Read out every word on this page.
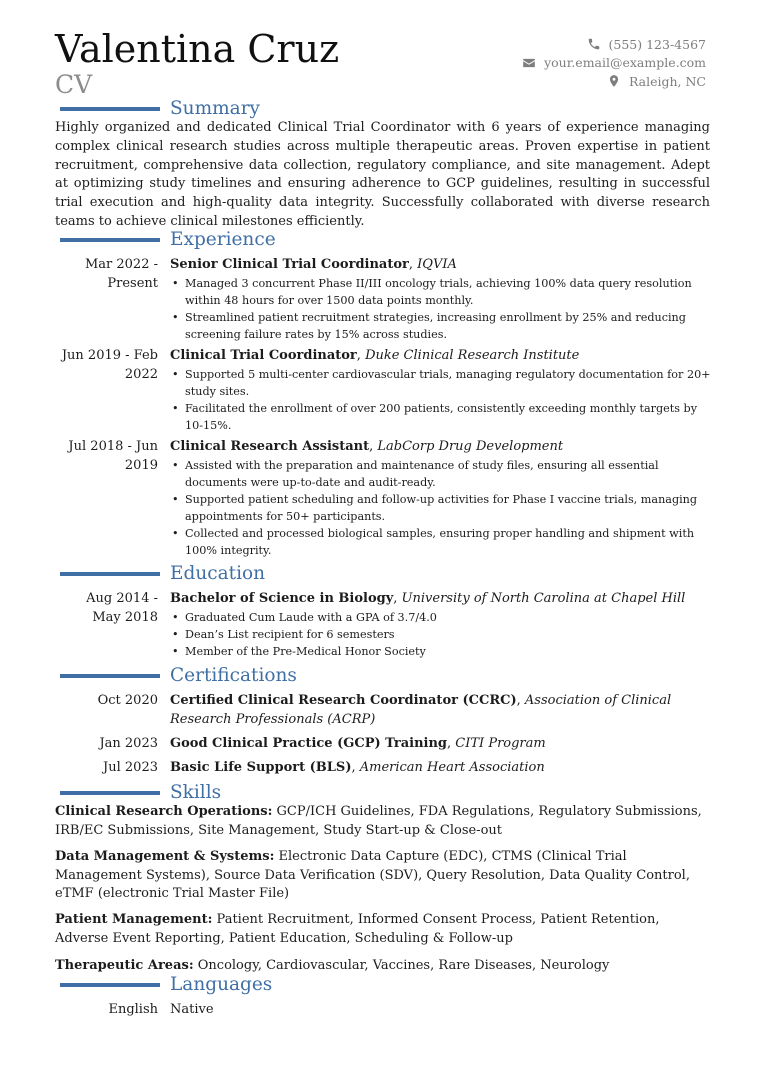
Valentina Cruz
CV
(555) 123-4567
your.email@example.com
Raleigh, NC
Summary
Highly organized and dedicated Clinical Trial Coordinator with 6 years of experience managing complex clinical research studies across multiple therapeutic areas. Proven expertise in patient recruitment, comprehensive data collection, regulatory compliance, and site management. Adept at optimizing study timelines and ensuring adherence to GCP guidelines, resulting in successful trial execution and high-quality data integrity. Successfully collaborated with diverse research teams to achieve clinical milestones efficiently.
Experience
Mar 2022 - Present
Senior Clinical Trial Coordinator, IQVIA
• Managed 3 concurrent Phase II/III oncology trials, achieving 100% data query resolution within 48 hours for over 1500 data points monthly.
• Streamlined patient recruitment strategies, increasing enrollment by 25% and reducing screening failure rates by 15% across studies.
Jun 2019 - Feb 2022
Clinical Trial Coordinator, Duke Clinical Research Institute
• Supported 5 multi-center cardiovascular trials, managing regulatory documentation for 20+ study sites.
• Facilitated the enrollment of over 200 patients, consistently exceeding monthly targets by 10-15%.
Jul 2018 - Jun 2019
Clinical Research Assistant, LabCorp Drug Development
• Assisted with the preparation and maintenance of study files, ensuring all essential documents were up-to-date and audit-ready.
• Supported patient scheduling and follow-up activities for Phase I vaccine trials, managing appointments for 50+ participants.
• Collected and processed biological samples, ensuring proper handling and shipment with 100% integrity.
Education
Aug 2014 - May 2018
Bachelor of Science in Biology, University of North Carolina at Chapel Hill
• Graduated Cum Laude with a GPA of 3.7/4.0
• Dean’s List recipient for 6 semesters
• Member of the Pre-Medical Honor Society
Certifications
Oct 2020 Certified Clinical Research Coordinator (CCRC), Association of Clinical Research Professionals (ACRP)
Jan 2023 Good Clinical Practice (GCP) Training, CITI Program
Jul 2023 Basic Life Support (BLS), American Heart Association
Skills
Clinical Research Operations: GCP/ICH Guidelines, FDA Regulations, Regulatory Submissions, IRB/EC Submissions, Site Management, Study Start-up & Close-out
Data Management & Systems: Electronic Data Capture (EDC), CTMS (Clinical Trial Management Systems), Source Data Verification (SDV), Query Resolution, Data Quality Control, eTMF (electronic Trial Master File)
Patient Management: Patient Recruitment, Informed Consent Process, Patient Retention, Adverse Event Reporting, Patient Education, Scheduling & Follow-up
Therapeutic Areas: Oncology, Cardiovascular, Vaccines, Rare Diseases, Neurology
Languages
English Native
